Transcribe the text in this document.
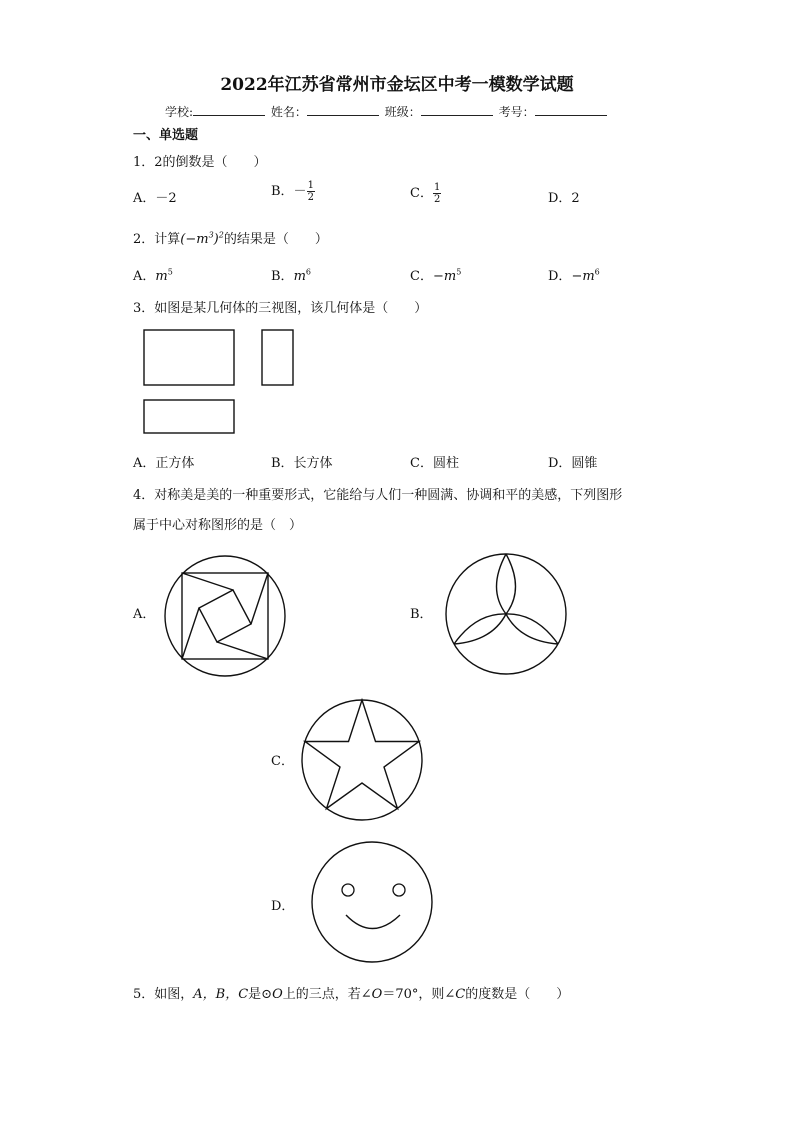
2022年江苏省常州市金坛区中考一模数学试题
学校:	姓名：	班级：	考号：
一、单选题
1．2的倒数是（　　）
A．－2	B．－ $\frac{1}{2}$	C． $\frac{1}{2}$	D．2
2．计算$(-m^3)^2$的结果是（　　）
A．$m^5$	B．$m^6$	C．$-m^5$	D．$-m^6$
3．如图是某几何体的三视图，该几何体是（　　）
A．正方体	B．长方体	C．圆柱	D．圆锥
4．对称美是美的一种重要形式，它能给与人们一种圆满、协调和平的美感，下列图形
属于中心对称图形的是（　）
A．	B．
C．
D．
5．如图，A，B，C是⊙O上的三点，若∠O＝70°，则∠C的度数是（　　）
